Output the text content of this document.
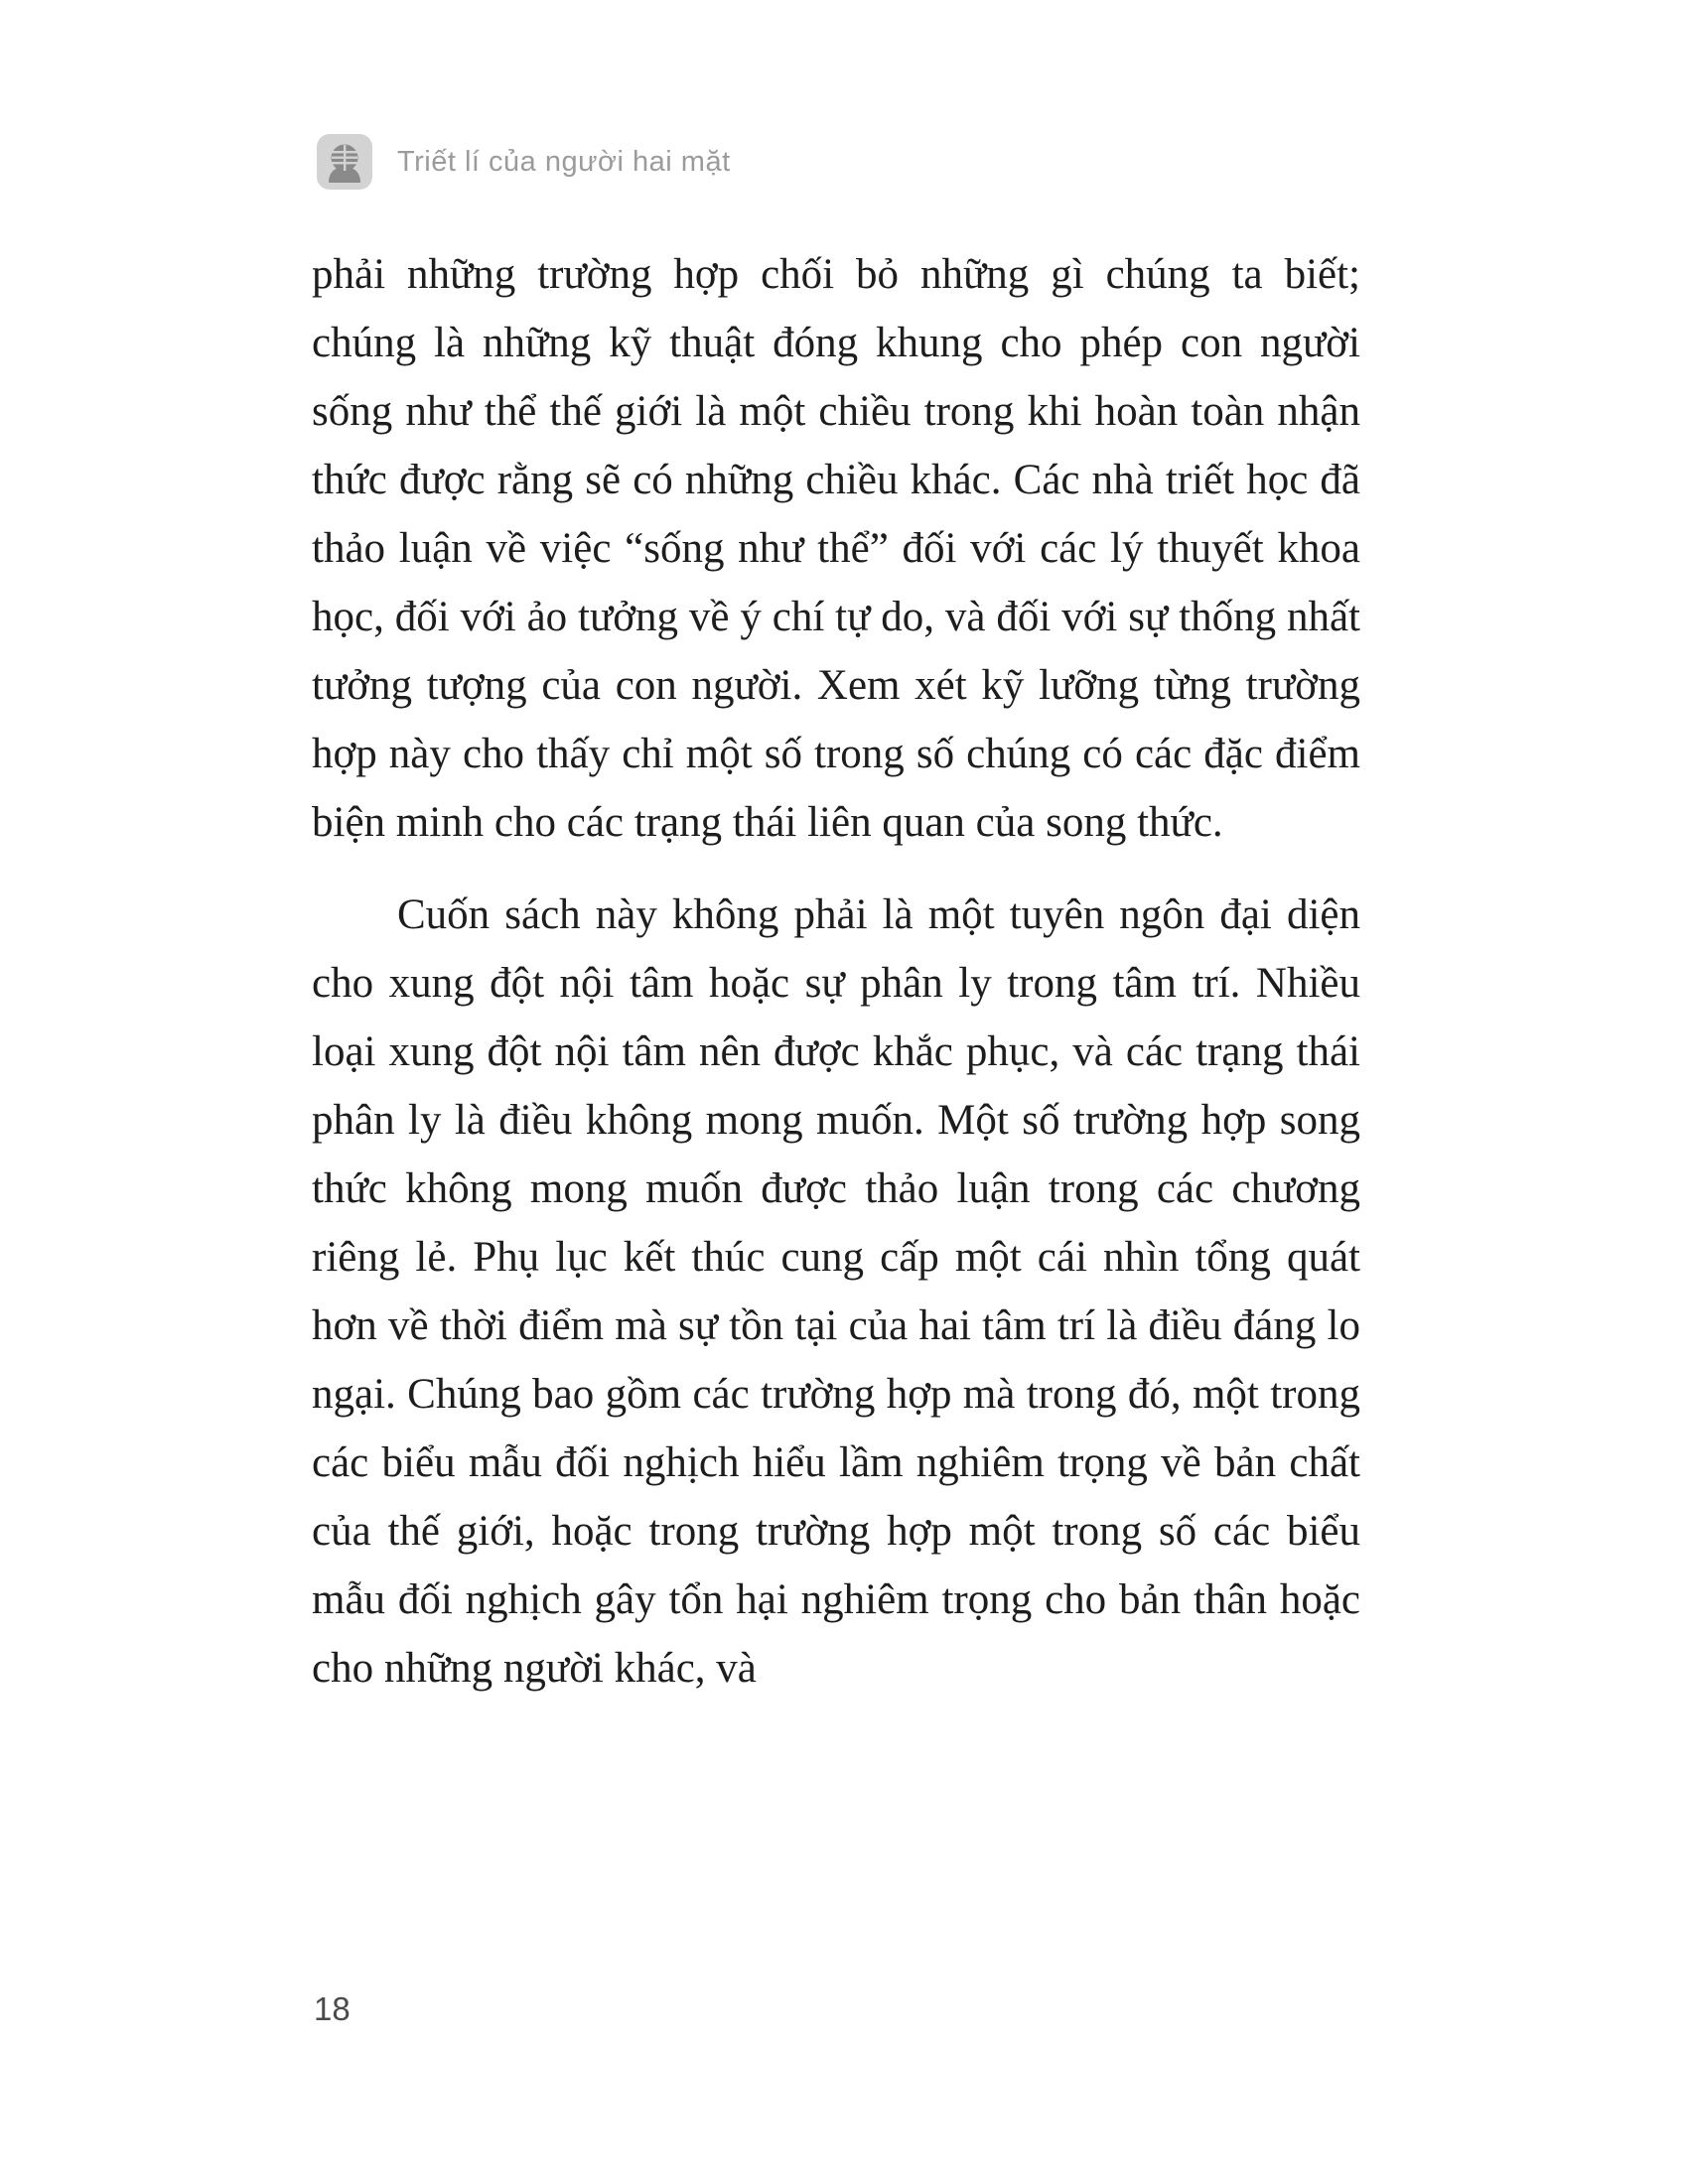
Triết lí của người hai mặt

phải những trường hợp chối bỏ những gì chúng ta biết; chúng là những kỹ thuật đóng khung cho phép con người sống như thể thế giới là một chiều trong khi hoàn toàn nhận thức được rằng sẽ có những chiều khác. Các nhà triết học đã thảo luận về việc “sống như thể” đối với các lý thuyết khoa học, đối với ảo tưởng về ý chí tự do, và đối với sự thống nhất tưởng tượng của con người. Xem xét kỹ lưỡng từng trường hợp này cho thấy chỉ một số trong số chúng có các đặc điểm biện minh cho các trạng thái liên quan của song thức.

Cuốn sách này không phải là một tuyên ngôn đại diện cho xung đột nội tâm hoặc sự phân ly trong tâm trí. Nhiều loại xung đột nội tâm nên được khắc phục, và các trạng thái phân ly là điều không mong muốn. Một số trường hợp song thức không mong muốn được thảo luận trong các chương riêng lẻ. Phụ lục kết thúc cung cấp một cái nhìn tổng quát hơn về thời điểm mà sự tồn tại của hai tâm trí là điều đáng lo ngại. Chúng bao gồm các trường hợp mà trong đó, một trong các biểu mẫu đối nghịch hiểu lầm nghiêm trọng về bản chất của thế giới, hoặc trong trường hợp một trong số các biểu mẫu đối nghịch gây tổn hại nghiêm trọng cho bản thân hoặc cho những người khác, và

18
